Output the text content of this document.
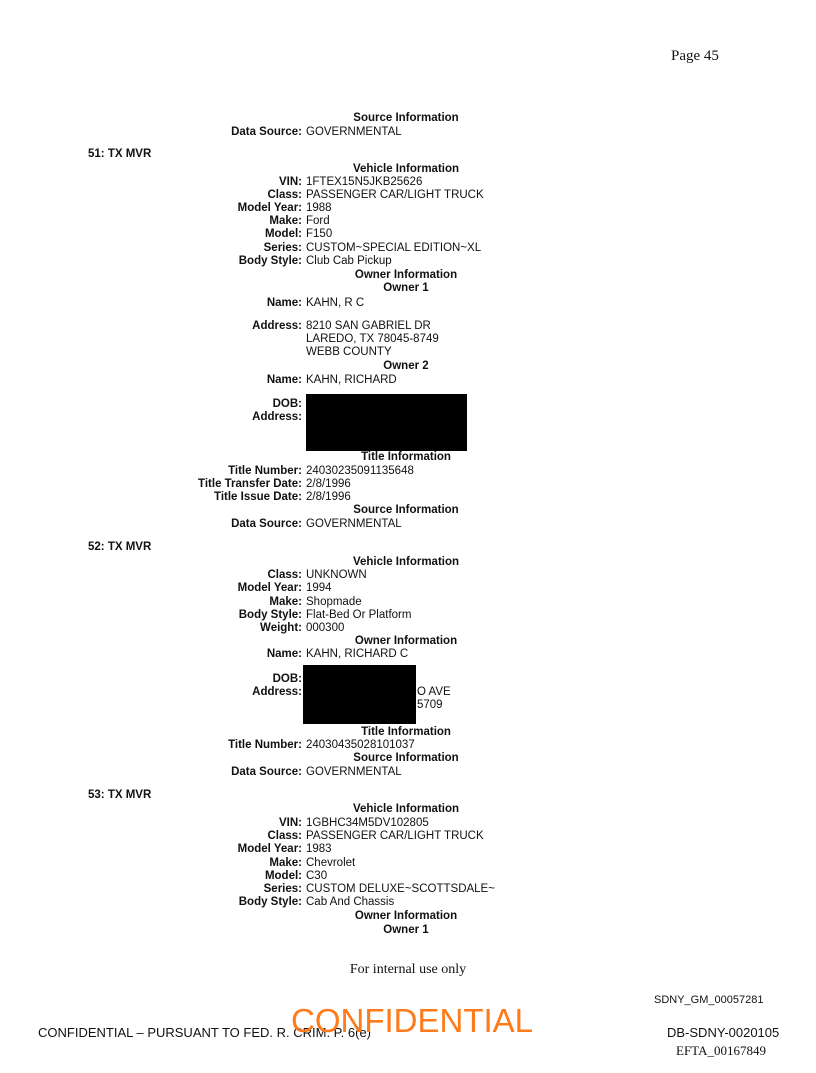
Page 45
Source Information
Data Source: GOVERNMENTAL
51: TX MVR
Vehicle Information
VIN: 1FTEX15N5JKB25626
Class: PASSENGER CAR/LIGHT TRUCK
Model Year: 1988
Make: Ford
Model: F150
Series: CUSTOM~SPECIAL EDITION~XL
Body Style: Club Cab Pickup
Owner Information
Owner 1
Name: KAHN, R C
Address: 8210 SAN GABRIEL DR
LAREDO, TX 78045-8749
WEBB COUNTY
Owner 2
Name: KAHN, RICHARD
DOB:
Address:
Title Information
Title Number: 24030235091135648
Title Transfer Date: 2/8/1996
Title Issue Date: 2/8/1996
Source Information
Data Source: GOVERNMENTAL
52: TX MVR
Vehicle Information
Class: UNKNOWN
Model Year: 1994
Make: Shopmade
Body Style: Flat-Bed Or Platform
Weight: 000300
Owner Information
Name: KAHN, RICHARD C
DOB:
Address:	O AVE
5709
Title Information
Title Number: 24030435028101037
Source Information
Data Source: GOVERNMENTAL
53: TX MVR
Vehicle Information
VIN: 1GBHC34M5DV102805
Class: PASSENGER CAR/LIGHT TRUCK
Model Year: 1983
Make: Chevrolet
Model: C30
Series: CUSTOM DELUXE~SCOTTSDALE~
Body Style: Cab And Chassis
Owner Information
Owner 1
For internal use only
SDNY_GM_00057281
CONFIDENTIAL – PURSUANT TO FED. R. CRIM. P. 6(e)
CONFIDENTIAL	DB-SDNY-0020105
EFTA_00167849
